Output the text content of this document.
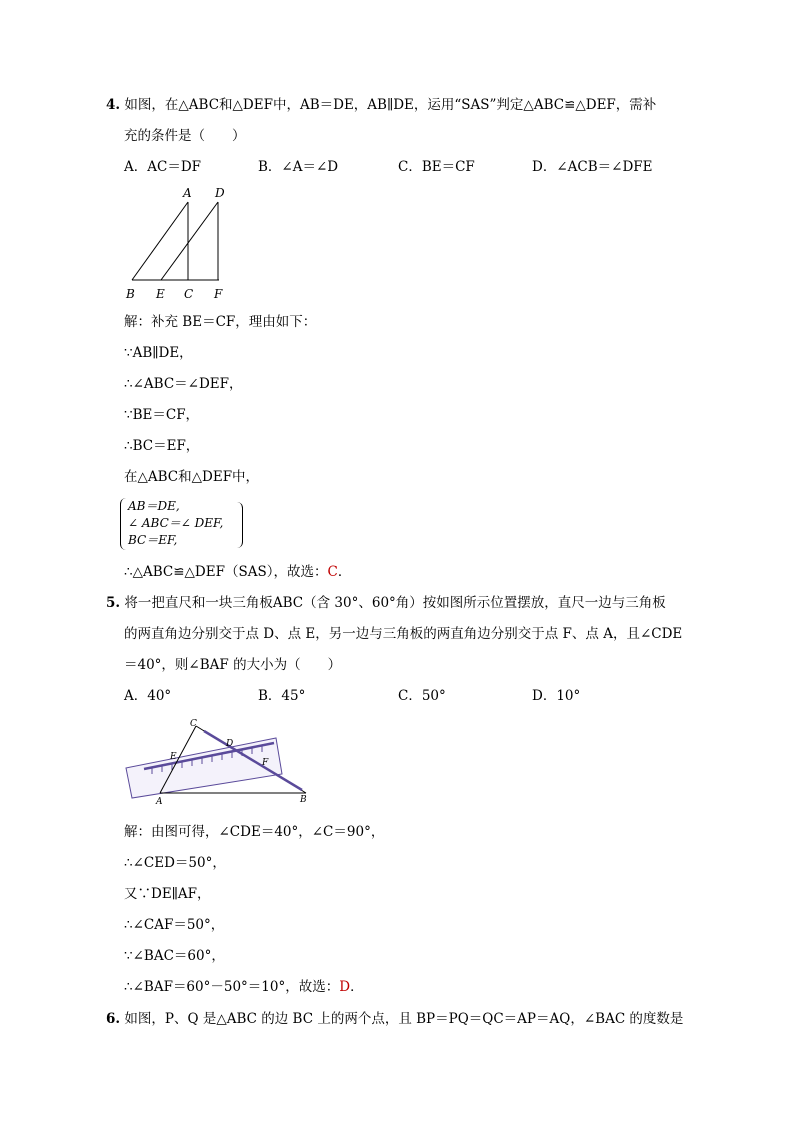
4. 如图，在△ABC和△DEF中，AB＝DE，AB∥DE，运用“SAS”判定△ABC≌△DEF，需补
充的条件是（　　）
A．AC＝DF	B．∠A＝∠D	C．BE＝CF	D．∠ACB＝∠DFE
A D
B E C F
解：补充 BE＝CF，理由如下：
∵AB∥DE，
∴∠ABC＝∠DEF，
∵BE＝CF，
∴BC＝EF，
在△ABC和△DEF中，
AB＝DE,
∠ ABC＝∠ DEF,
BC＝EF,
∴△ABC≌△DEF（SAS），故选：C．
5. 将一把直尺和一块三角板ABC（含 30°、60°角）按如图所示位置摆放，直尺一边与三角板
的两直角边分别交于点 D、点 E，另一边与三角板的两直角边分别交于点 F、点 A，且∠CDE
＝40°，则∠BAF 的大小为（　　）
A．40°	B．45°	C．50°	D．10°
C
D
E
F
A	B
解：由图可得，∠CDE＝40°，∠C＝90°，
∴∠CED＝50°，
又∵DE∥AF，
∴∠CAF＝50°，
∵∠BAC＝60°，
∴∠BAF＝60°－50°＝10°，故选：D．
6. 如图，P、Q 是△ABC 的边 BC 上的两个点，且 BP＝PQ＝QC＝AP＝AQ，∠BAC 的度数是
